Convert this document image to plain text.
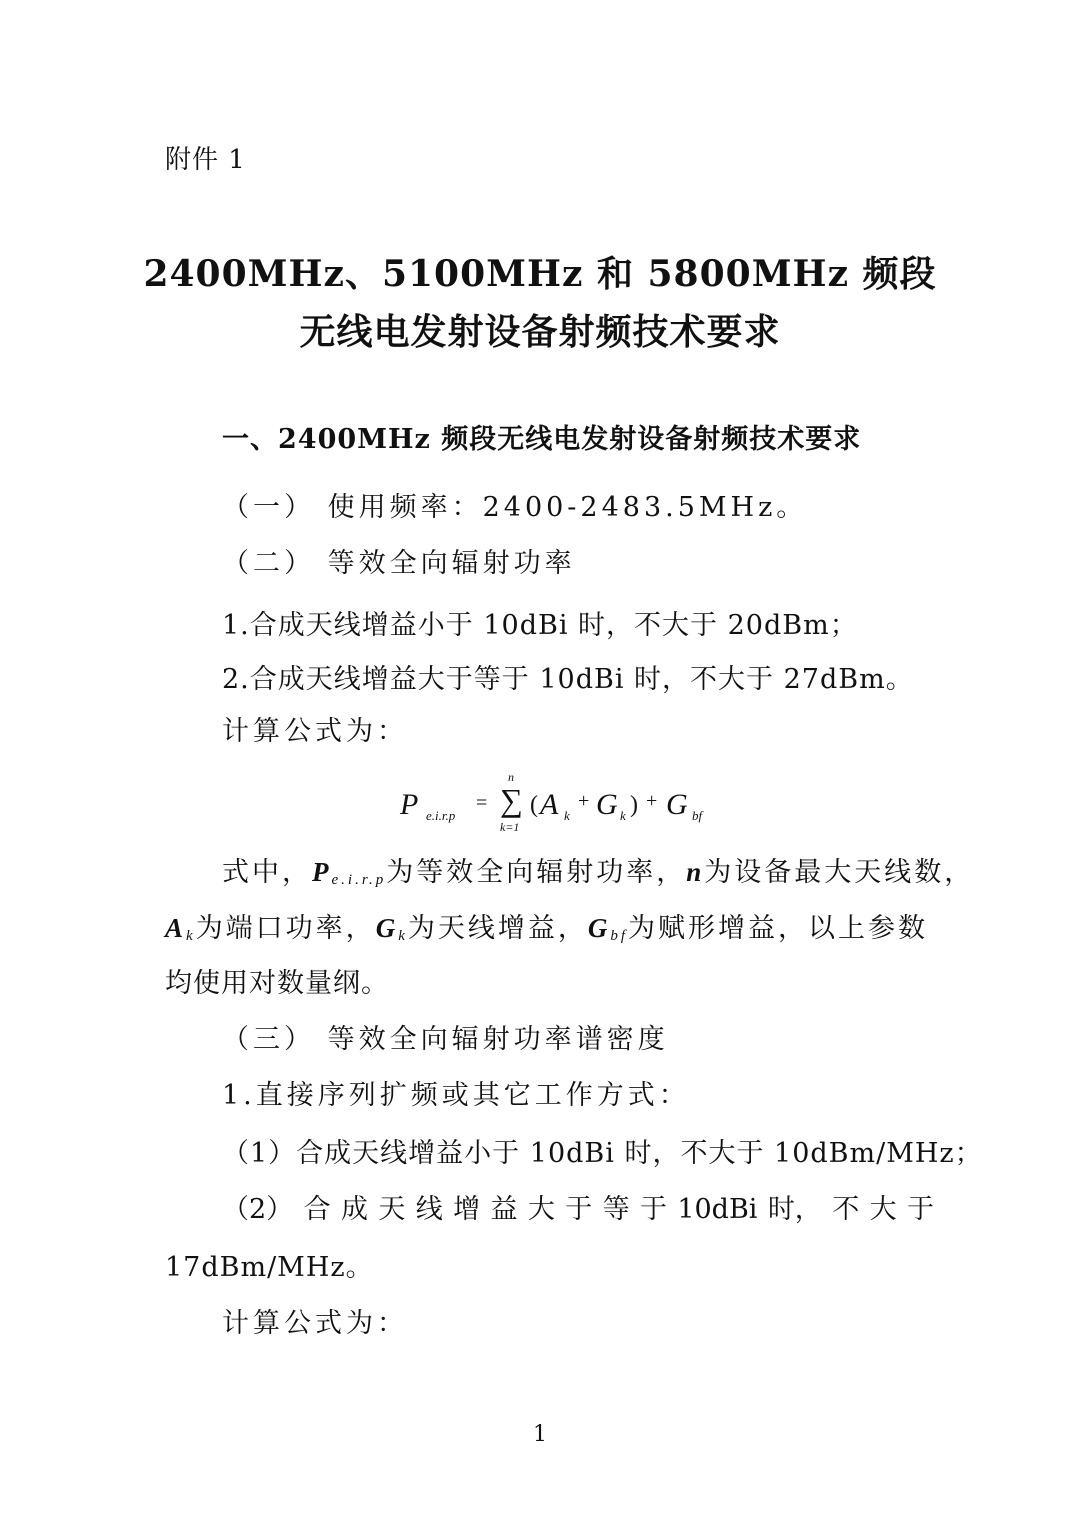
附件 1
2400MHz、5100MHz 和 5800MHz 频段
无线电发射设备射频技术要求
一、2400MHz 频段无线电发射设备射频技术要求
（一） 使用频率：2400-2483.5MHz。
（二） 等效全向辐射功率
1.合成天线增益小于 10dBi 时，不大于 20dBm；
2.合成天线增益大于等于 10dBi 时，不大于 27dBm。
计算公式为：
P e.i.r.p
=
n
∑
k=1
( A k
+ G k ) + G bf
式中，$P_{e.i.r.p}$为等效全向辐射功率，n为设备最大天线数，
$A_k$为端口功率，$G_k$为天线增益，$G_{bf}$为赋形增益，以上参数
均使用对数量纲。
（三） 等效全向辐射功率谱密度
1.直接序列扩频或其它工作方式：
（1）合成天线增益小于 10dBi 时，不大于 10dBm/MHz；
（2） 合 成 天 线 增 益 大 于 等 于 10dBi 时， 不 大 于
17dBm/MHz。
计算公式为：
1
